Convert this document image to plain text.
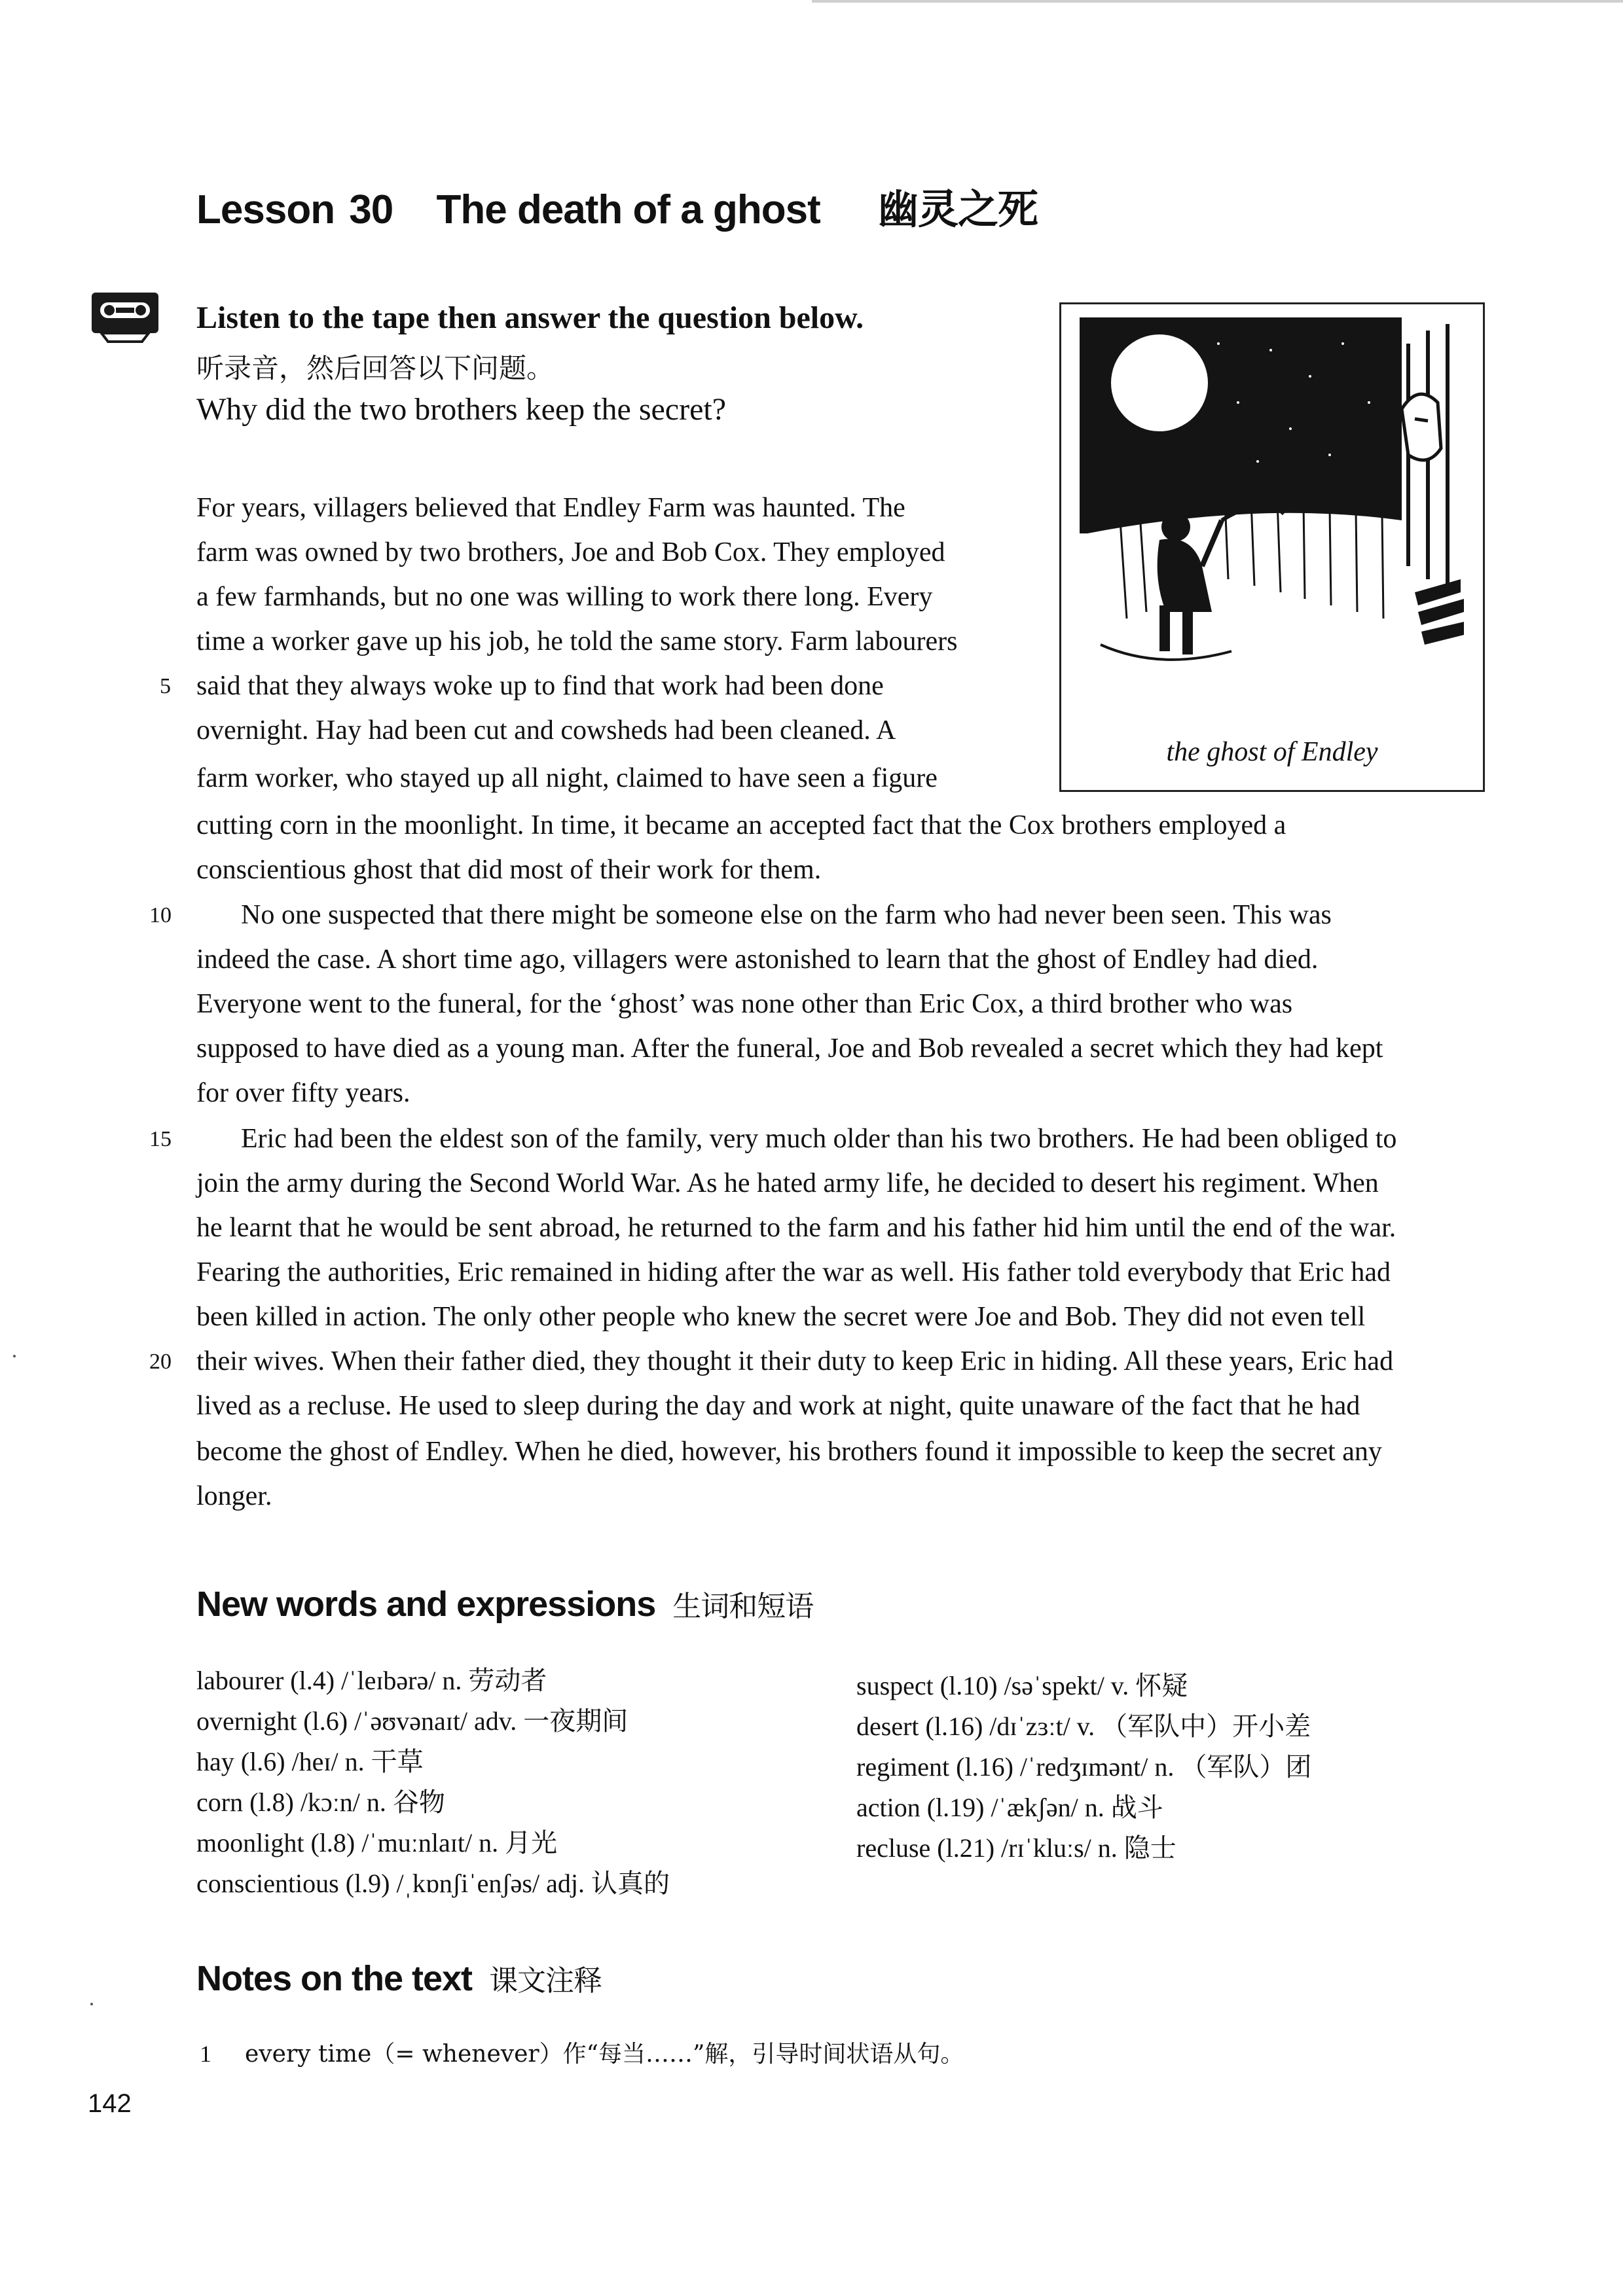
Lesson 30 The death of a ghost 幽灵之死
Listen to the tape then answer the question below.
听录音，然后回答以下问题。
Why did the two brothers keep the secret?
the ghost of Endley
For years, villagers believed that Endley Farm was haunted. The
farm was owned by two brothers, Joe and Bob Cox. They employed
a few farmhands, but no one was willing to work there long. Every
time a worker gave up his job, he told the same story. Farm labourers
5 said that they always woke up to find that work had been done
overnight. Hay had been cut and cowsheds had been cleaned. A
farm worker, who stayed up all night, claimed to have seen a figure
cutting corn in the moonlight. In time, it became an accepted fact that the Cox brothers employed a
conscientious ghost that did most of their work for them.
10	No one suspected that there might be someone else on the farm who had never been seen. This was
indeed the case. A short time ago, villagers were astonished to learn that the ghost of Endley had died.
Everyone went to the funeral, for the ‘ghost’ was none other than Eric Cox, a third brother who was
supposed to have died as a young man. After the funeral, Joe and Bob revealed a secret which they had kept
for over fifty years.
15	Eric had been the eldest son of the family, very much older than his two brothers. He had been obliged to
join the army during the Second World War. As he hated army life, he decided to desert his regiment. When
he learnt that he would be sent abroad, he returned to the farm and his father hid him until the end of the war.
Fearing the authorities, Eric remained in hiding after the war as well. His father told everybody that Eric had
been killed in action. The only other people who knew the secret were Joe and Bob. They did not even tell
20 their wives. When their father died, they thought it their duty to keep Eric in hiding. All these years, Eric had
lived as a recluse. He used to sleep during the day and work at night, quite unaware of the fact that he had
become the ghost of Endley. When he died, however, his brothers found it impossible to keep the secret any
longer.
New words and expressions 生词和短语
labourer (l.4) /ˈleɪbərə/ n. 劳动者
overnight (l.6) /ˈəʊvənaɪt/ adv. 一夜期间
hay (l.6) /heɪ/ n. 干草
corn (l.8) /kɔːn/ n. 谷物
moonlight (l.8) /ˈmuːnlaɪt/ n. 月光
conscientious (l.9) /ˌkɒnʃiˈenʃəs/ adj. 认真的
suspect (l.10) /səˈspekt/ v. 怀疑
desert (l.16) /dɪˈzɜːt/ v. （军队中）开小差
regiment (l.16) /ˈredʒɪmənt/ n. （军队）团
action (l.19) /ˈækʃən/ n. 战斗
recluse (l.21) /rɪˈkluːs/ n. 隐士
Notes on the text 课文注释
1 every time（= whenever）作“每当……”解，引导时间状语从句。
142
